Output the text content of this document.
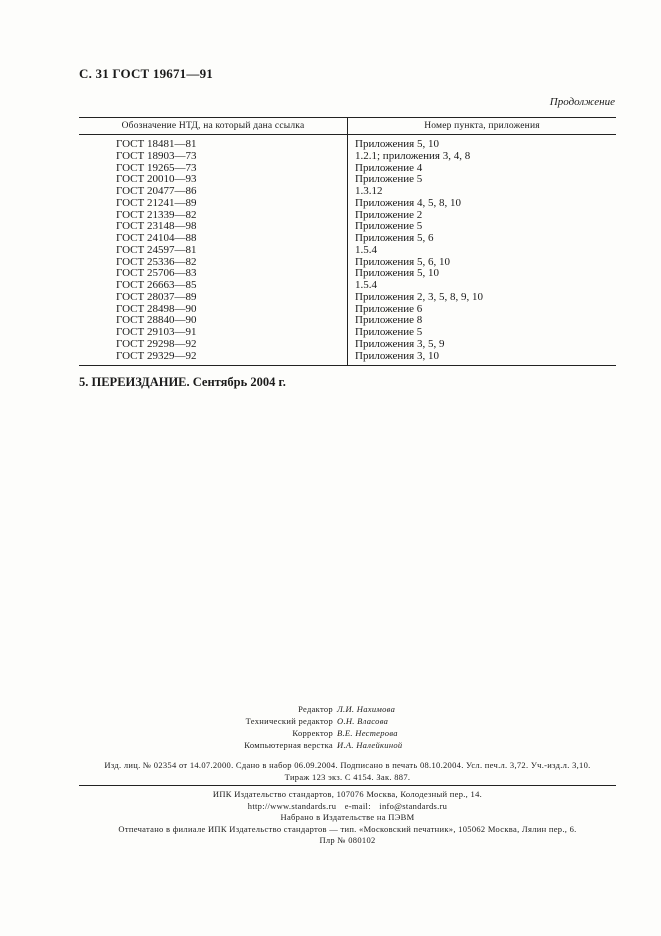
С. 31 ГОСТ 19671—91
Продолжение
Обозначение НТД, на который дана ссылка	Номер пункта, приложения
ГОСТ 18481—81	Приложения 5, 10
ГОСТ 18903—73	1.2.1; приложения 3, 4, 8
ГОСТ 19265—73	Приложение 4
ГОСТ 20010—93	Приложение 5
ГОСТ 20477—86	1.3.12
ГОСТ 21241—89	Приложения 4, 5, 8, 10
ГОСТ 21339—82	Приложение 2
ГОСТ 23148—98	Приложение 5
ГОСТ 24104—88	Приложения 5, 6
ГОСТ 24597—81	1.5.4
ГОСТ 25336—82	Приложения 5, 6, 10
ГОСТ 25706—83	Приложения 5, 10
ГОСТ 26663—85	1.5.4
ГОСТ 28037—89	Приложения 2, 3, 5, 8, 9, 10
ГОСТ 28498—90	Приложение 6
ГОСТ 28840—90	Приложение 8
ГОСТ 29103—91	Приложение 5
ГОСТ 29298—92	Приложения 3, 5, 9
ГОСТ 29329—92	Приложения 3, 10
5. ПЕРЕИЗДАНИЕ. Сентябрь 2004 г.
Редактор Л.И. Нахимова
Технический редактор О.Н. Власова
Корректор В.Е. Нестерова
Компьютерная верстка И.А. Налейкиной
Изд. лиц. № 02354 от 14.07.2000. Сдано в набор 06.09.2004. Подписано в печать 08.10.2004. Усл. печ.л. 3,72. Уч.-изд.л. 3,10.
Тираж 123 экз. С 4154. Зак. 887.
ИПК Издательство стандартов, 107076 Москва, Колодезный пер., 14.
http://www.standards.ru e-mail: info@standards.ru
Набрано в Издательстве на ПЭВМ
Отпечатано в филиале ИПК Издательство стандартов — тип. «Московский печатник», 105062 Москва, Лялин пер., 6.
Плр № 080102
